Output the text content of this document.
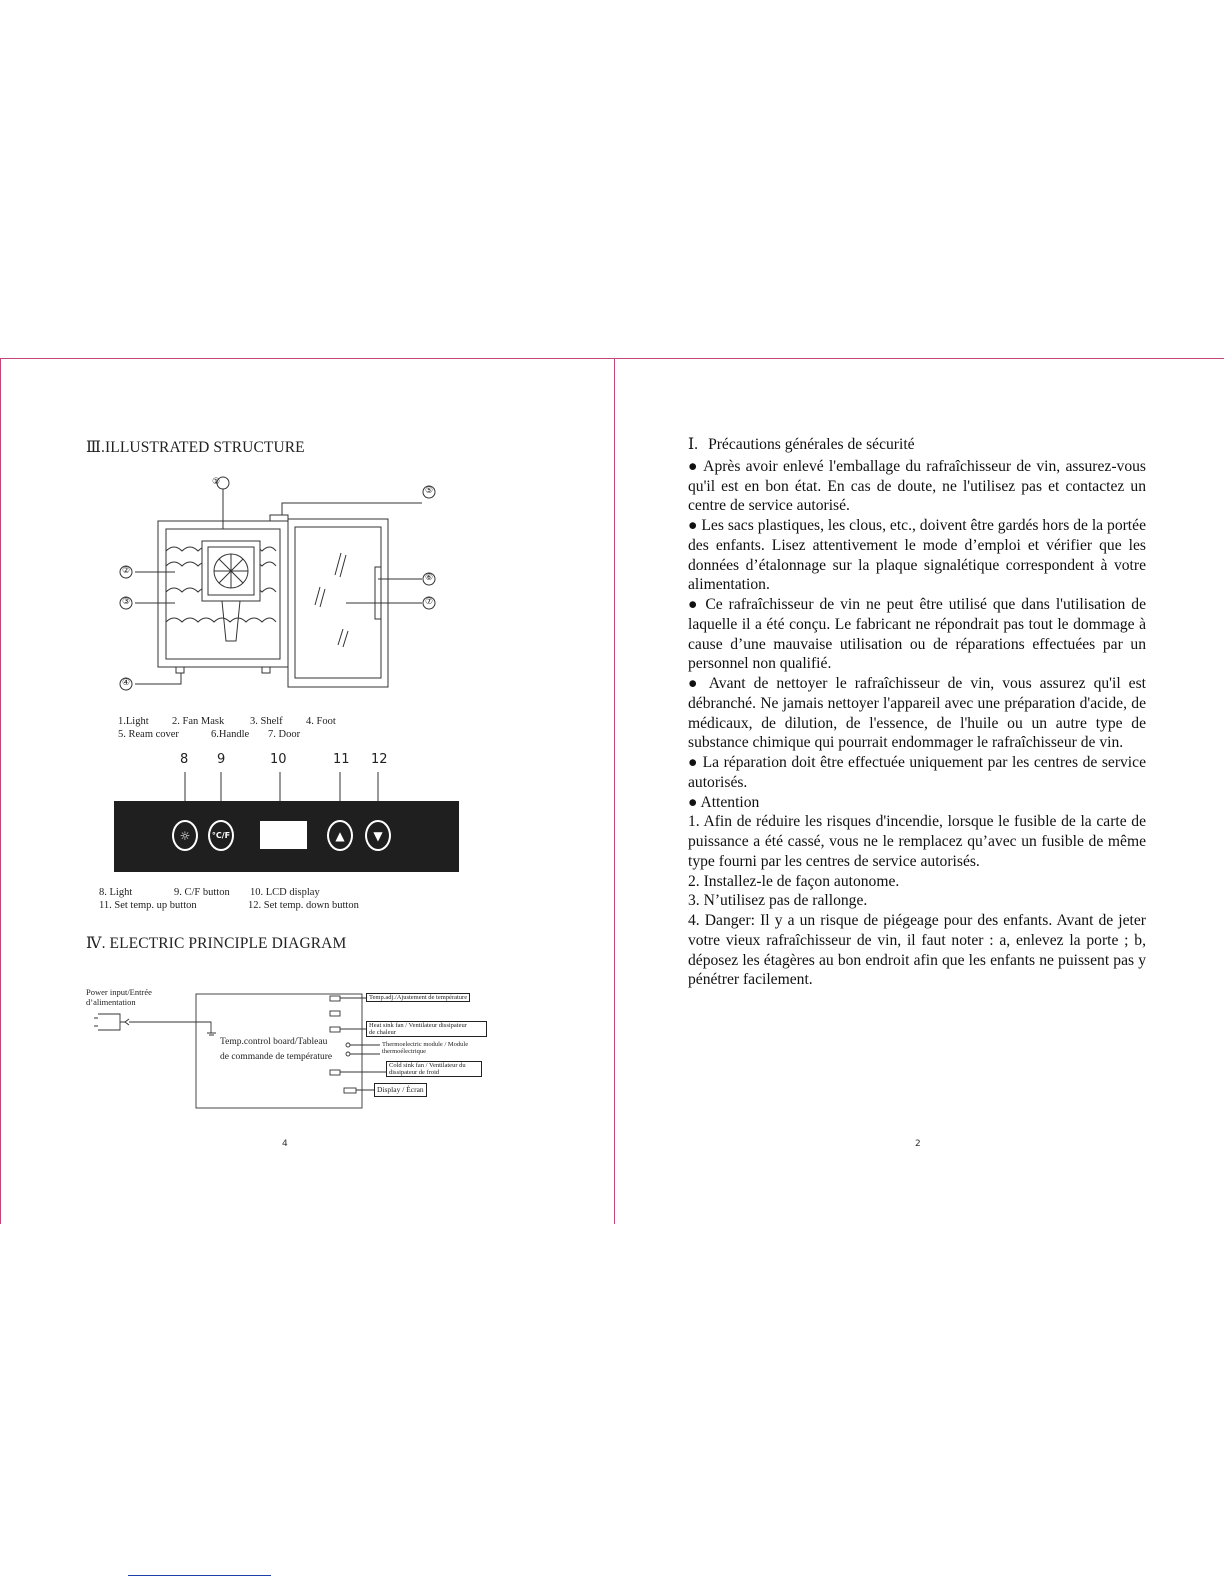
Ⅲ.ILLUSTRATED STRUCTURE
①
②
③
④
⑤
⑥
⑦
1.Light 2. Fan Mask 3. Shelf 4. Foot
5. Ream cover	6.Handle 7. Door
8 9	10	11 12
☼	°C/F	▲	▼
8. Light	9. C/F button 10. LCD display
11. Set temp. up button	12. Set temp. down button
Ⅳ. ELECTRIC PRINCIPLE DIAGRAM
Power input/Entrée
d’alimentation
Temp.control board/Tableau
de commande de température
Temp.adj./Ajustement de température
Heat sink fan / Ventilateur dissipateur
de chaleur
Thermoelectric module / Module
thermoélectrique
Cold sink fan / Ventilateur du
dissipateur de froid
Display / Écran
4

Ⅰ. Précautions générales de sécurité

● Après avoir enlevé l'emballage du rafraîchisseur de vin, assurez-vous qu'il est en bon état. En cas de doute, ne l'utilisez pas et contactez un centre de service autorisé.

● Les sacs plastiques, les clous, etc., doivent être gardés hors de la portée des enfants. Lisez attentivement le mode d’emploi et vérifier que les données d’étalonnage sur la plaque signalétique correspondent à votre alimentation.

● Ce rafraîchisseur de vin ne peut être utilisé que dans l'utilisation de laquelle il a été conçu. Le fabricant ne répondrait pas tout le dommage à cause d’une mauvaise utilisation ou de réparations effectuées par un personnel non qualifié.

● Avant de nettoyer le rafraîchisseur de vin, vous assurez qu'il est débranché. Ne jamais nettoyer l'appareil avec une préparation d'acide, de médicaux, de dilution, de l'essence, de l'huile ou un autre type de substance chimique qui pourrait endommager le rafraîchisseur de vin.

● La réparation doit être effectuée uniquement par les centres de service autorisés.

● Attention

1. Afin de réduire les risques d'incendie, lorsque le fusible de la carte de puissance a été cassé, vous ne le remplacez qu’avec un fusible de même type fourni par les centres de service autorisés.

2. Installez-le de façon autonome.

3. N’utilisez pas de rallonge.

4. Danger: Il y a un risque de piégeage pour des enfants. Avant de jeter votre vieux rafraîchisseur de vin, il faut noter : a, enlevez la porte ; b, déposez les étagères au bon endroit afin que les enfants ne puissent pas y pénétrer facilement.

2
